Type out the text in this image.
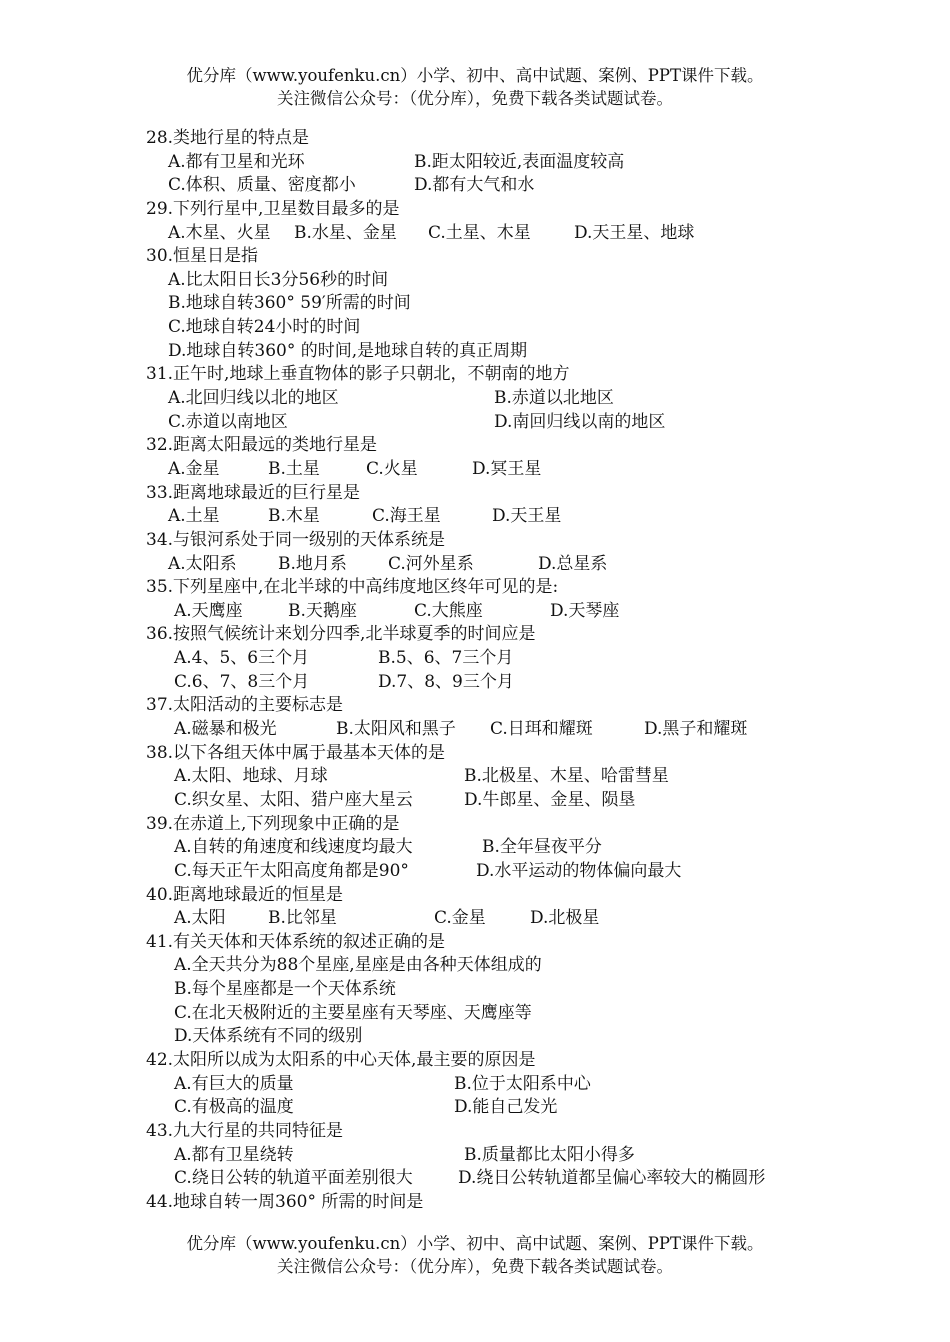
优分库（www.youfenku.cn）小学、初中、高中试题、案例、PPT课件下载。
关注微信公众号：（优分库），免费下载各类试题试卷。
28.类地行星的特点是
A.都有卫星和光环	B.距太阳较近,表面温度较高
C.体积、质量、密度都小	D.都有大气和水
29.下列行星中,卫星数目最多的是
A.木星、火星 B.水星、金星 C.土星、木星	D.天王星、地球
30.恒星日是指
A.比太阳日长3分56秒的时间
B.地球自转360° 59′所需的时间
C.地球自转24小时的时间
D.地球自转360° 的时间,是地球自转的真正周期
31.正午时,地球上垂直物体的影子只朝北，不朝南的地方
A.北回归线以北的地区	B.赤道以北地区
C.赤道以南地区	D.南回归线以南的地区
32.距离太阳最远的类地行星是
A.金星	B.土星	C.火星	D.冥王星
33.距离地球最近的巨行星是
A.土星	B.木星	C.海王星	D.天王星
34.与银河系处于同一级别的天体系统是
A.太阳系 B.地月系 C.河外星系	D.总星系
35.下列星座中,在北半球的中高纬度地区终年可见的是:
A.天鹰座	B.天鹅座	C.大熊座	D.天琴座
36.按照气候统计来划分四季,北半球夏季的时间应是
A.4、5、6三个月	B.5、6、7三个月
C.6、7、8三个月	D.7、8、9三个月
37.太阳活动的主要标志是
A.磁暴和极光	B.太阳风和黑子 C.日珥和耀斑	D.黑子和耀斑
38.以下各组天体中属于最基本天体的是
A.太阳、地球、月球	B.北极星、木星、哈雷彗星
C.织女星、太阳、猎户座大星云	D.牛郎星、金星、陨垦
39.在赤道上,下列现象中正确的是
A.自转的角速度和线速度均最大	B.全年昼夜平分
C.每天正午太阳高度角都是90°	D.水平运动的物体偏向最大
40.距离地球最近的恒星是
A.太阳 B.比邻星	C.金星	D.北极星
41.有关天体和天体系统的叙述正确的是
A.全天共分为88个星座,星座是由各种天体组成的
B.每个星座都是一个天体系统
C.在北天极附近的主要星座有天琴座、天鹰座等
D.天体系统有不同的级别
42.太阳所以成为太阳系的中心天体,最主要的原因是
A.有巨大的质量	B.位于太阳系中心
C.有极高的温度	D.能自己发光
43.九大行星的共同特征是
A.都有卫星绕转	B.质量都比太阳小得多
C.绕日公转的轨道平面差别很大	D.绕日公转轨道都呈偏心率较大的椭圆形
44.地球自转一周360° 所需的时间是
优分库（www.youfenku.cn）小学、初中、高中试题、案例、PPT课件下载。
关注微信公众号：（优分库），免费下载各类试题试卷。
